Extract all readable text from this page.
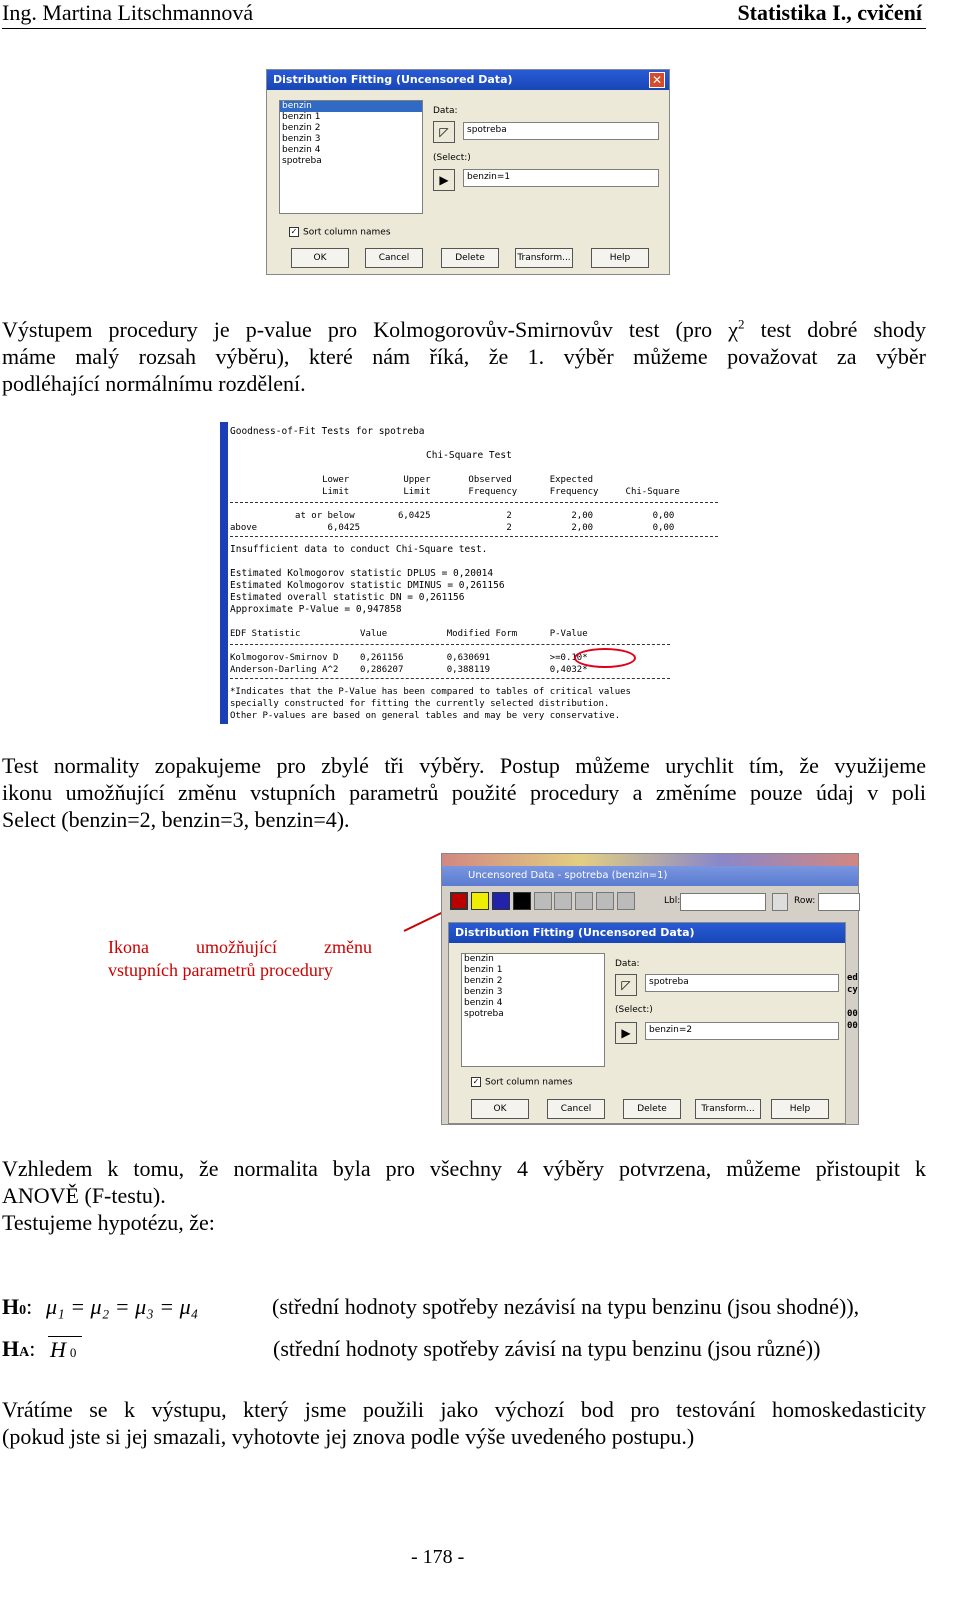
Ing. Martina Litschmannová	Statistika I., cvičení
Distribution Fitting (Uncensored Data)	✕
benzin
benzin 1
benzin 2
benzin 3
benzin 4
spotreba
Data:
◸	spotreba
(Select:)
▶	benzin=1
✓ Sort column names
OK	Cancel	Delete	Transform...	Help
Výstupem procedury je p-value pro Kolmogorovův-Smirnovův test (pro $\chi^2$ test dobré shody
máme malý rozsah výběru), které nám říká, že 1. výběr můžeme považovat za výběr
podléhající normálnímu rozdělení.
Goodness-of-Fit Tests for spotreba
Chi-Square Test
Lower          Upper       Observed       Expected
Limit          Limit       Frequency      Frequency     Chi-Square
at or below        6,0425              2           2,00           0,00
above             6,0425                           2           2,00           0,00
Insufficient data to conduct Chi-Square test.
Estimated Kolmogorov statistic DPLUS = 0,20014
Estimated Kolmogorov statistic DMINUS = 0,261156
Estimated overall statistic DN = 0,261156
Approximate P-Value = 0,947858
EDF Statistic           Value           Modified Form      P-Value
Kolmogorov-Smirnov D    0,261156        0,630691           >=0.10*
Anderson-Darling A^2    0,286207        0,388119           0,4032*
*Indicates that the P-Value has been compared to tables of critical values
specially constructed for fitting the currently selected distribution.
Other P-values are based on general tables and may be very conservative.
Test normality zopakujeme pro zbylé tři výběry. Postup můžeme urychlit tím, že využijeme
ikonu umožňující změnu vstupních parametrů použité procedury a změníme pouze údaj v poli
Select (benzin=2, benzin=3, benzin=4).
Ikona umožňující změnu
vstupních parametrů procedury
Uncensored Data - spotreba (benzin=1)

Lbl:	Row:
ed
cy
00
00
Distribution Fitting (Uncensored Data)
benzin
benzin 1
benzin 2
benzin 3
benzin 4
spotreba
Data:
◸	spotreba
(Select:)
▶	benzin=2
✓ Sort column names
OK	Cancel	Delete	Transform...	Help
Vzhledem k tomu, že normalita byla pro všechny 4 výběry potvrzena, můžeme přistoupit k
ANOVĚ (F-testu).
Testujeme hypotézu, že:
H0: μ₁ = μ₂ = μ₃ = μ₄	(střední hodnoty spotřeby nezávisí na typu benzinu (jsou shodné)),
HA: H 0	(střední hodnoty spotřeby závisí na typu benzinu (jsou různé))
Vrátíme se k výstupu, který jsme použili jako výchozí bod pro testování homoskedasticity
(pokud jste si jej smazali, vyhotovte jej znova podle výše uvedeného postupu.)
- 178 -
